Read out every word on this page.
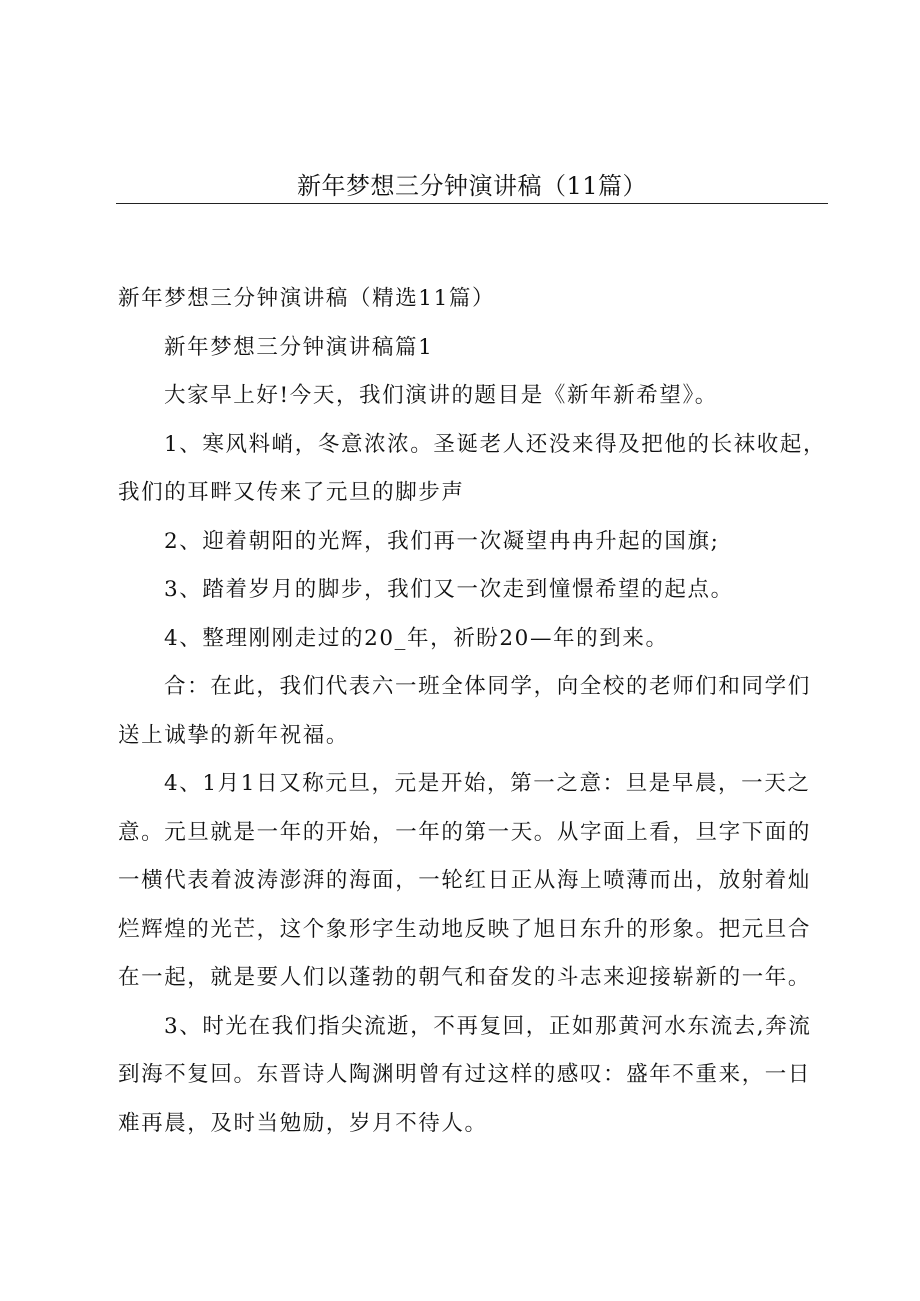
新年梦想三分钟演讲稿（11篇）

新年梦想三分钟演讲稿（精选11篇）

新年梦想三分钟演讲稿篇1

大家早上好!今天，我们演讲的题目是《新年新希望》。

1、寒风料峭，冬意浓浓。圣诞老人还没来得及把他的长袜收起，
我们的耳畔又传来了元旦的脚步声

2、迎着朝阳的光辉，我们再一次凝望冉冉升起的国旗;

3、踏着岁月的脚步，我们又一次走到憧憬希望的起点。

4、整理刚刚走过的20_年，祈盼20—年的到来。

合：在此，我们代表六一班全体同学，向全校的老师们和同学们
送上诚挚的新年祝福。

4、1月1日又称元旦，元是开始，第一之意：旦是早晨，一天之
意。元旦就是一年的开始，一年的第一天。从字面上看，旦字下面的
一横代表着波涛澎湃的海面，一轮红日正从海上喷薄而出，放射着灿
烂辉煌的光芒，这个象形字生动地反映了旭日东升的形象。把元旦合
在一起，就是要人们以蓬勃的朝气和奋发的斗志来迎接崭新的一年。

3、时光在我们指尖流逝，不再复回，正如那黄河水东流去,奔流
到海不复回。东晋诗人陶渊明曾有过这样的感叹：盛年不重来，一日
难再晨，及时当勉励，岁月不待人。
